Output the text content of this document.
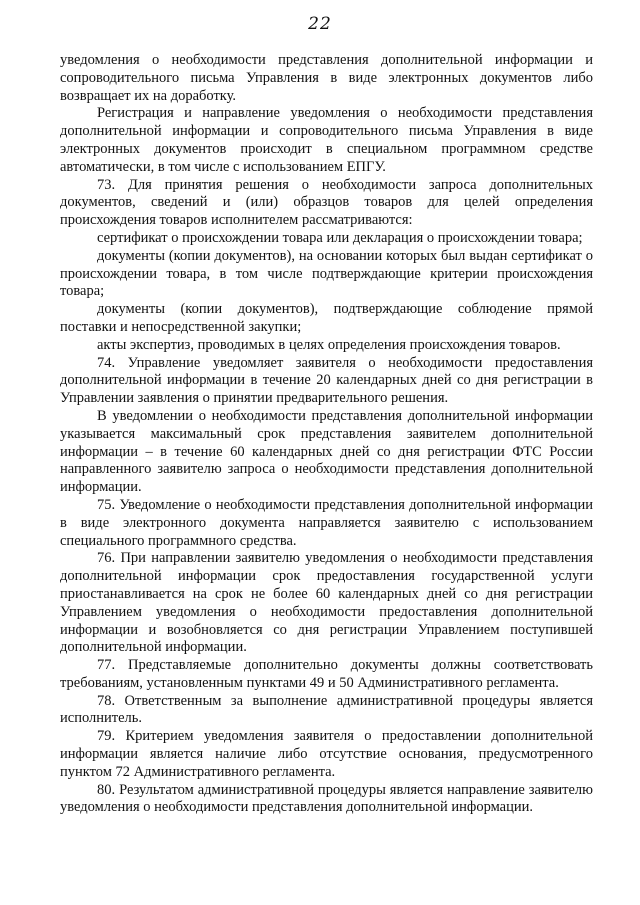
22

уведомления о необходимости представления дополнительной информации и сопроводительного письма Управления в виде электронных документов либо возвращает их на доработку.

Регистрация и направление уведомления о необходимости представления дополнительной информации и сопроводительного письма Управления в виде электронных документов происходит в специальном программном средстве автоматически, в том числе с использованием ЕПГУ.

73. Для принятия решения о необходимости запроса дополнительных документов, сведений и (или) образцов товаров для целей определения происхождения товаров исполнителем рассматриваются:

сертификат о происхождении товара или декларация о происхождении товара;

документы (копии документов), на основании которых был выдан сертификат о происхождении товара, в том числе подтверждающие критерии происхождения товара;

документы (копии документов), подтверждающие соблюдение прямой поставки и непосредственной закупки;

акты экспертиз, проводимых в целях определения происхождения товаров.

74. Управление уведомляет заявителя о необходимости предоставления дополнительной информации в течение 20 календарных дней со дня регистрации в Управлении заявления о принятии предварительного решения.

В уведомлении о необходимости представления дополнительной информации указывается максимальный срок представления заявителем дополнительной информации – в течение 60 календарных дней со дня регистрации ФТС России направленного заявителю запроса о необходимости представления дополнительной информации.

75. Уведомление о необходимости представления дополнительной информации в виде электронного документа направляется заявителю с использованием специального программного средства.

76. При направлении заявителю уведомления о необходимости представления дополнительной информации срок предоставления государственной услуги приостанавливается на срок не более 60 календарных дней со дня регистрации Управлением уведомления о необходимости предоставления дополнительной информации и возобновляется со дня регистрации Управлением поступившей дополнительной информации.

77. Представляемые дополнительно документы должны соответствовать требованиям, установленным пунктами 49 и 50 Административного регламента.

78. Ответственным за выполнение административной процедуры является исполнитель.

79. Критерием уведомления заявителя о предоставлении дополнительной информации является наличие либо отсутствие основания, предусмотренного пунктом 72 Административного регламента.

80. Результатом административной процедуры является направление заявителю уведомления о необходимости представления дополнительной информации.
